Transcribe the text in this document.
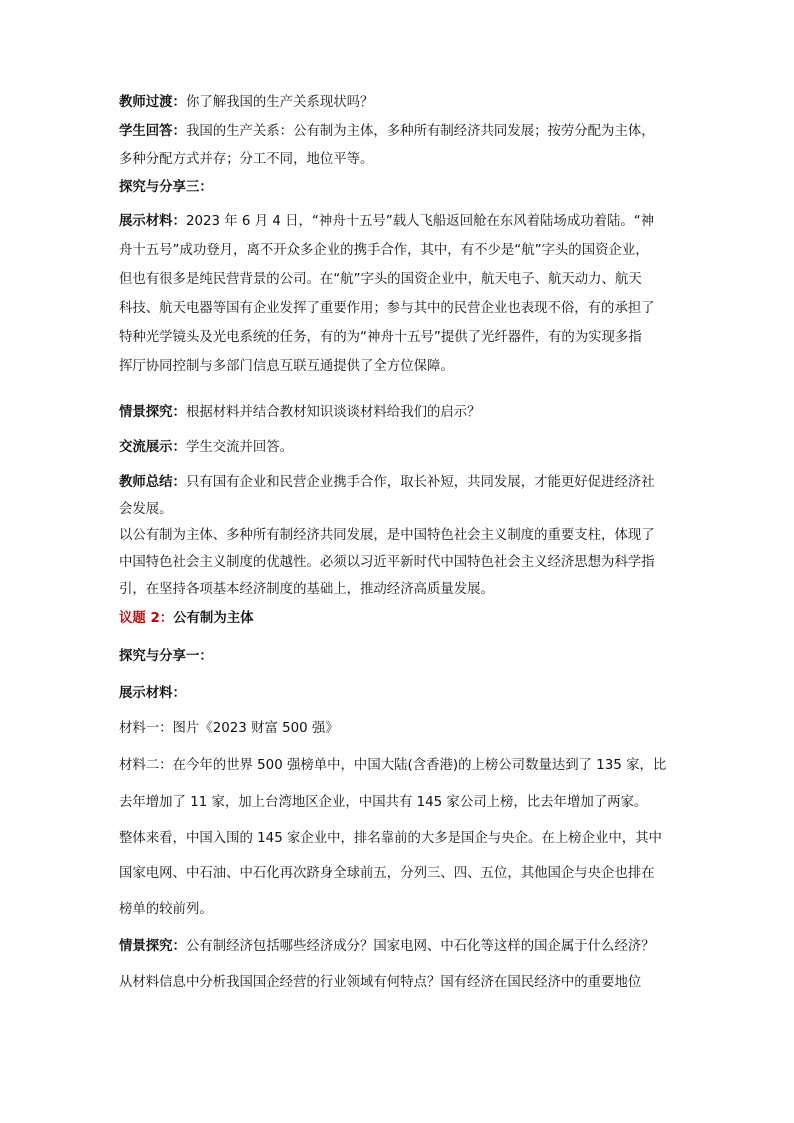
教师过渡：你了解我国的生产关系现状吗？
学生回答：我国的生产关系：公有制为主体，多种所有制经济共同发展；按劳分配为主体，
多种分配方式并存；分工不同，地位平等。
探究与分享三：
展示材料：2023 年 6 月 4 日，“神舟十五号”载人飞船返回舱在东风着陆场成功着陆。“神
舟十五号”成功登月，离不开众多企业的携手合作，其中，有不少是“航”字头的国资企业，
但也有很多是纯民营背景的公司。在“航”字头的国资企业中，航天电子、航天动力、航天
科技、航天电器等国有企业发挥了重要作用；参与其中的民营企业也表现不俗，有的承担了
特种光学镜头及光电系统的任务，有的为“神舟十五号”提供了光纤器件，有的为实现多指
挥厅协同控制与多部门信息互联互通提供了全方位保障。
情景探究：根据材料并结合教材知识谈谈材料给我们的启示？
交流展示：学生交流并回答。
教师总结：只有国有企业和民营企业携手合作，取长补短，共同发展，才能更好促进经济社
会发展。
以公有制为主体、多种所有制经济共同发展，是中国特色社会主义制度的重要支柱，体现了
中国特色社会主义制度的优越性。必须以习近平新时代中国特色社会主义经济思想为科学指
引，在坚持各项基本经济制度的基础上，推动经济高质量发展。
议题 2：公有制为主体
探究与分享一：
展示材料：
材料一：图片《2023 财富 500 强》
材料二：在今年的世界 500 强榜单中，中国大陆(含香港)的上榜公司数量达到了 135 家，比
去年增加了 11 家，加上台湾地区企业，中国共有 145 家公司上榜，比去年增加了两家。
整体来看，中国入围的 145 家企业中，排名靠前的大多是国企与央企。在上榜企业中，其中
国家电网、中石油、中石化再次跻身全球前五，分列三、四、五位，其他国企与央企也排在
榜单的较前列。
情景探究：公有制经济包括哪些经济成分？国家电网、中石化等这样的国企属于什么经济？
从材料信息中分析我国国企经营的行业领域有何特点？国有经济在国民经济中的重要地位
